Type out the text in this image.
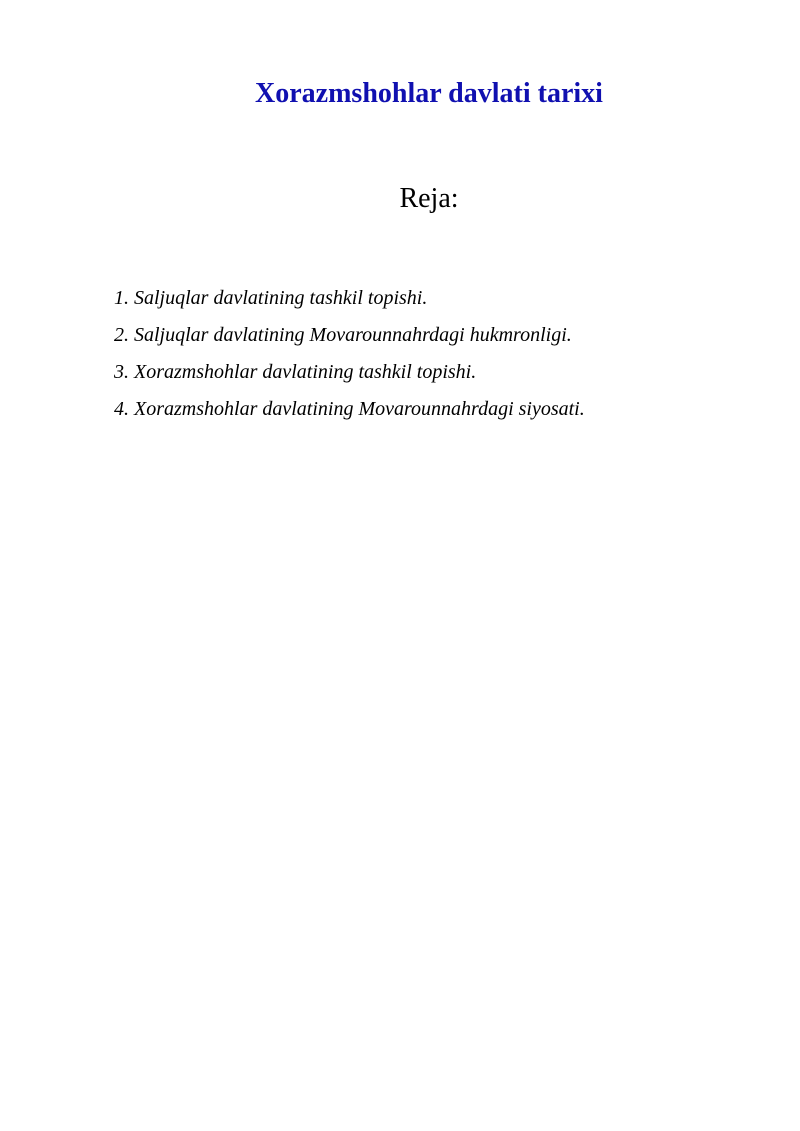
Xorazmshohlar davlati tarixi
Reja:
1. Saljuqlar davlatining tashkil topishi.
2. Saljuqlar davlatining Movarounnahrdagi hukmronligi.
3. Xorazmshohlar davlatining tashkil topishi.
4. Xorazmshohlar davlatining Movarounnahrdagi siyosati.
